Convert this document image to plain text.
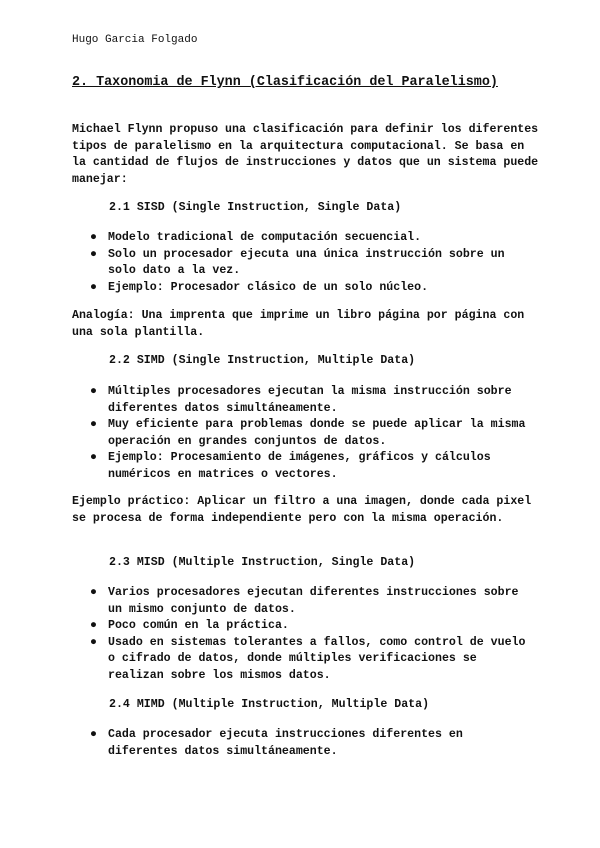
Hugo Garcia Folgado
2. Taxonomia de Flynn (Clasificación del Paralelismo)
Michael Flynn propuso una clasificación para definir los diferentes tipos de paralelismo en la arquitectura computacional. Se basa en la cantidad de flujos de instrucciones y datos que un sistema puede manejar:
2.1 SISD (Single Instruction, Single Data)
● Modelo tradicional de computación secuencial.
● Solo un procesador ejecuta una única instrucción sobre un solo dato a la vez.
● Ejemplo: Procesador clásico de un solo núcleo.
Analogía: Una imprenta que imprime un libro página por página con una sola plantilla.
2.2 SIMD (Single Instruction, Multiple Data)
● Múltiples procesadores ejecutan la misma instrucción sobre diferentes datos simultáneamente.
● Muy eficiente para problemas donde se puede aplicar la misma operación en grandes conjuntos de datos.
● Ejemplo: Procesamiento de imágenes, gráficos y cálculos numéricos en matrices o vectores.
Ejemplo práctico: Aplicar un filtro a una imagen, donde cada pixel se procesa de forma independiente pero con la misma operación.
2.3 MISD (Multiple Instruction, Single Data)
● Varios procesadores ejecutan diferentes instrucciones sobre un mismo conjunto de datos.
● Poco común en la práctica.
● Usado en sistemas tolerantes a fallos, como control de vuelo o cifrado de datos, donde múltiples verificaciones se realizan sobre los mismos datos.
2.4 MIMD (Multiple Instruction, Multiple Data)
● Cada procesador ejecuta instrucciones diferentes en diferentes datos simultáneamente.
